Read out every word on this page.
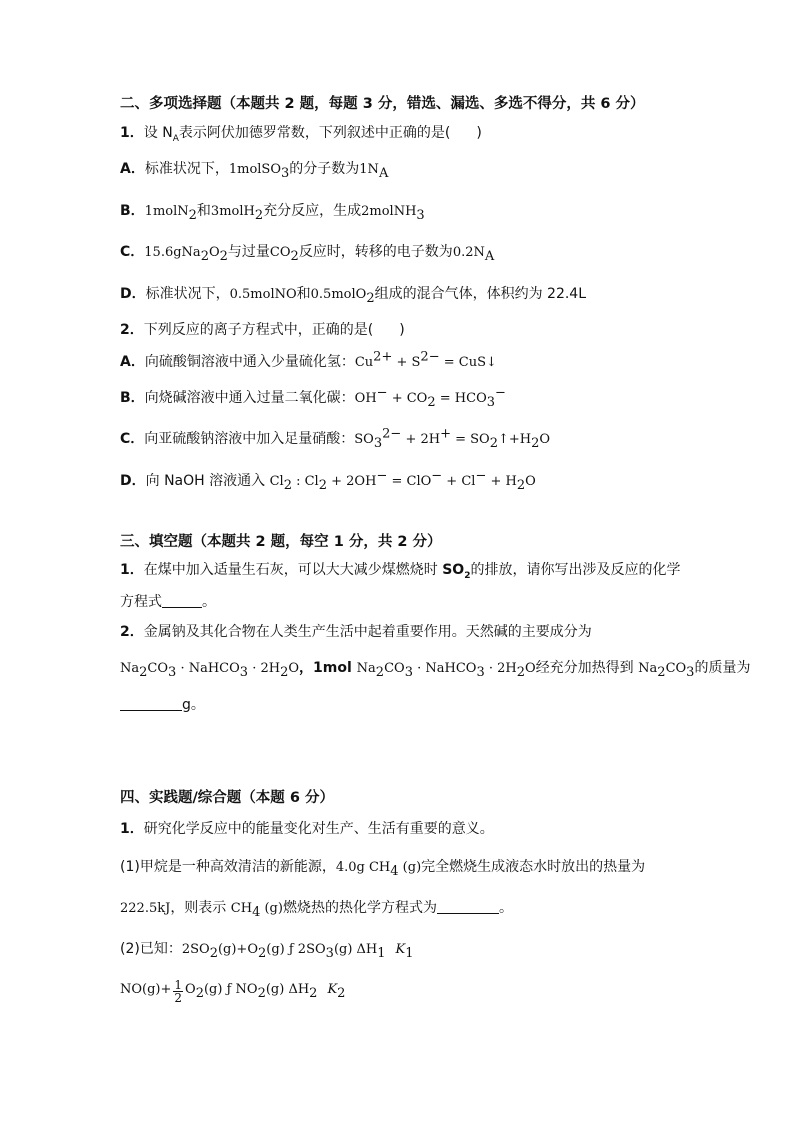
二、多项选择题（本题共 2 题，每题 3 分，错选、漏选、多选不得分，共 6 分）
1．设 $N_A$表示阿伏加德罗常数，下列叙述中正确的是( )
A．标准状况下，1molSO$_3$的分子数为$1N_A$
B．1molN$_2$和3molH$_2$充分反应，生成2molNH$_3$
C．$15.6gNa_2O_2$与过量$CO_2$反应时，转移的电子数为$0.2N_A$
D．标准状况下，0.5molNO和0.5molO$_2$组成的混合气体，体积约为 22.4L
2．下列反应的离子方程式中，正确的是( )
A．向硫酸铜溶液中通入少量硫化氢：$Cu^{2+} + S^{2-}$ = CuS↓
B．向烧碱溶液中通入过量二氧化碳：$OH^- + CO_2 = HCO_3^-$
C．向亚硫酸钠溶液中加入足量硝酸：$SO_3^{2-} + 2H^+$ = $SO_2↑+H_2O$
D．向 NaOH 溶液通入 $Cl_2$ : $Cl_2 + 2OH^- = ClO^- + Cl^- + H_2O$
三、填空题（本题共 2 题，每空 1 分，共 2 分）
1．在煤中加入适量生石灰，可以大大减少煤燃烧时 $SO_2$的排放，请你写出涉及反应的化学
方程式	。
2．金属钠及其化合物在人类生产生活中起着重要作用。天然碱的主要成分为
$Na_2CO_3$ · NaHCO$_3$ · $2H_2O$，1mol $Na_2CO_3$ · NaHCO$_3$ · $2H_2O$经充分加热得到 $Na_2CO_3$的质量为
g。
四、实践题/综合题（本题 6 分）
1．研究化学反应中的能量变化对生产、生活有重要的意义。
(1)甲烷是一种高效清洁的新能源，4.0g $CH_4$ (g)完全燃烧生成液态水时放出的热量为
222.5kJ，则表示 $CH_4$ (g)燃烧热的热化学方程式为	。
(2)已知：$2SO_2(g)+O_2(g)$ ƒ $2SO_3(g)$ $\Delta H_1$ $K_1$
$NO(g)+ \frac{1}{2} O_2(g)$ ƒ $NO_2(g)$ $\Delta H_2$ $K_2$
